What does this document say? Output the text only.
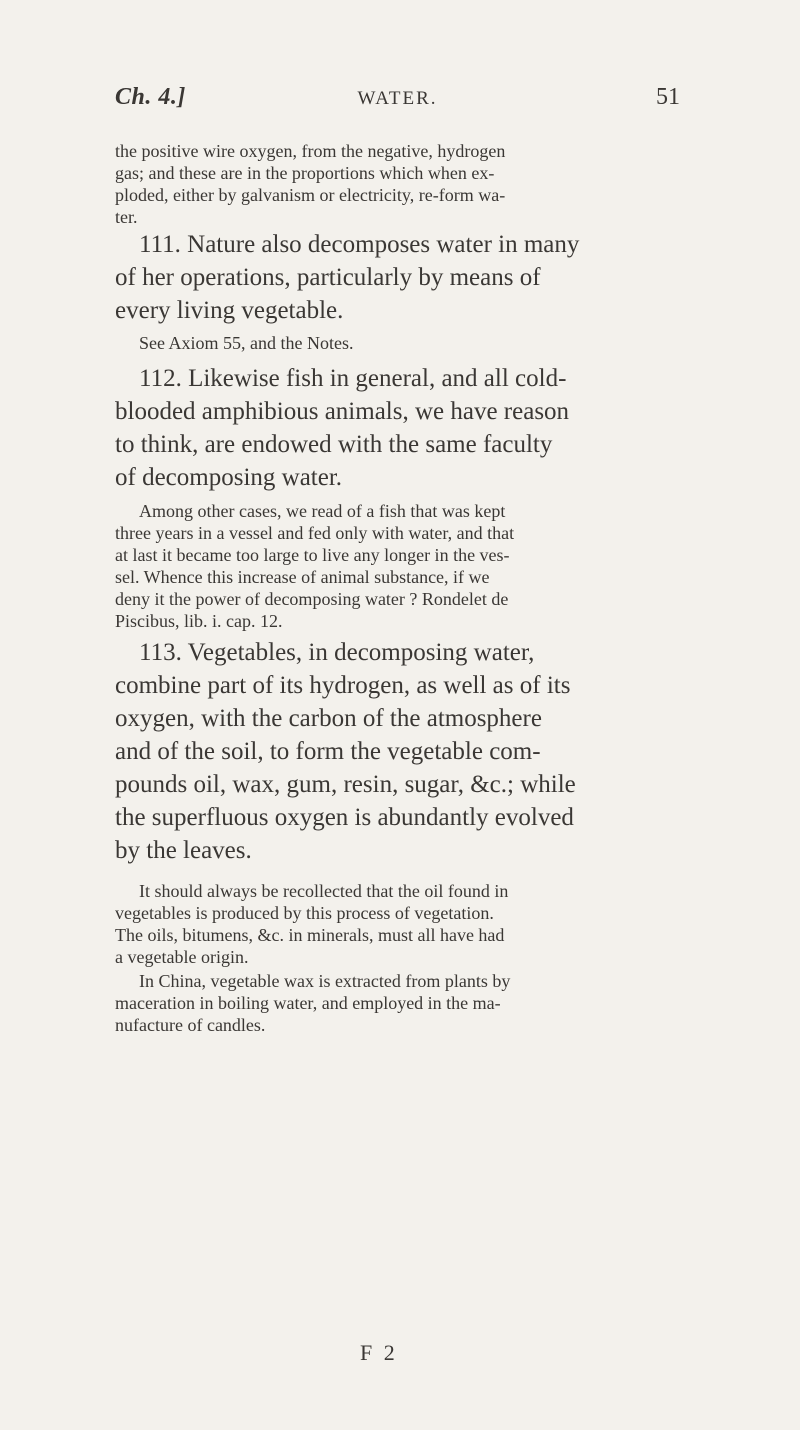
Ch. 4.]	WATER.	51
the positive wire oxygen, from the negative, hydrogen
gas; and these are in the proportions which when ex-
ploded, either by galvanism or electricity, re-form wa-
ter.
111. Nature also decomposes water in many
of her operations, particularly by means of
every living vegetable.
See Axiom 55, and the Notes.
112. Likewise fish in general, and all cold-
blooded amphibious animals, we have reason
to think, are endowed with the same faculty
of decomposing water.
Among other cases, we read of a fish that was kept
three years in a vessel and fed only with water, and that
at last it became too large to live any longer in the ves-
sel. Whence this increase of animal substance, if we
deny it the power of decomposing water ? Rondelet de
Piscibus, lib. i. cap. 12.
113. Vegetables, in decomposing water,
combine part of its hydrogen, as well as of its
oxygen, with the carbon of the atmosphere
and of the soil, to form the vegetable com-
pounds oil, wax, gum, resin, sugar, &c.; while
the superfluous oxygen is abundantly evolved
by the leaves.
It should always be recollected that the oil found in
vegetables is produced by this process of vegetation.
The oils, bitumens, &c. in minerals, must all have had
a vegetable origin.
In China, vegetable wax is extracted from plants by
maceration in boiling water, and employed in the ma-
nufacture of candles.
F 2
